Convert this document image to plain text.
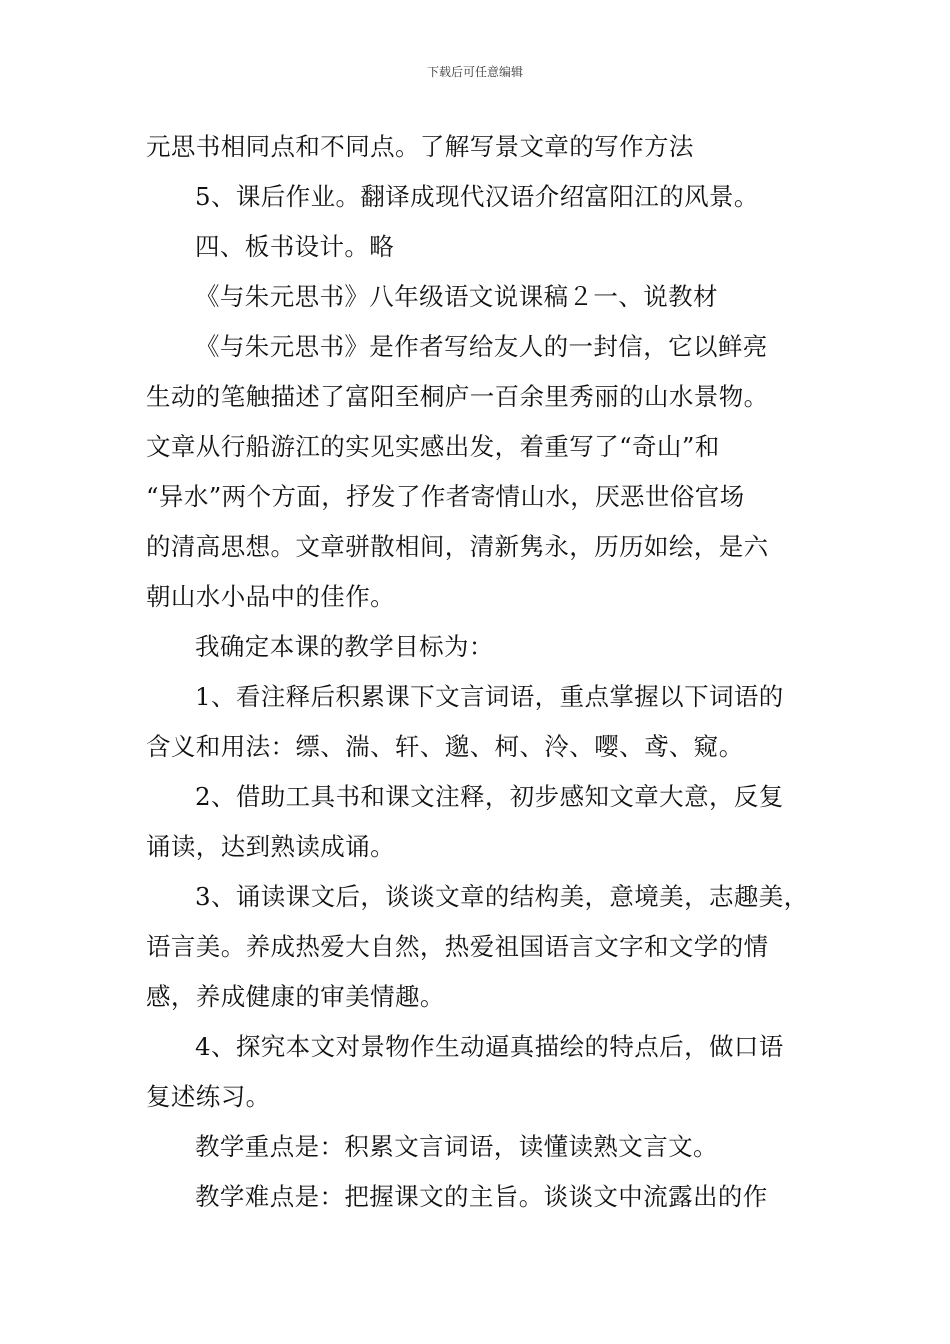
下载后可任意编辑
元思书相同点和不同点。了解写景文章的写作方法
5、课后作业。翻译成现代汉语介绍富阳江的风景。
四、板书设计。略
《与朱元思书》八年级语文说课稿２一、说教材
《与朱元思书》是作者写给友人的一封信，它以鲜亮
生动的笔触描述了富阳至桐庐一百余里秀丽的山水景物。
文章从行船游江的实见实感出发，着重写了“奇山”和
“异水”两个方面，抒发了作者寄情山水，厌恶世俗官场
的清高思想。文章骈散相间，清新隽永，历历如绘，是六
朝山水小品中的佳作。
我确定本课的教学目标为：
1、看注释后积累课下文言词语，重点掌握以下词语的
含义和用法：缥、湍、轩、邈、柯、泠、嘤、鸢、窥。
2、借助工具书和课文注释，初步感知文章大意，反复
诵读，达到熟读成诵。
3、诵读课文后，谈谈文章的结构美，意境美，志趣美，
语言美。养成热爱大自然，热爱祖国语言文字和文学的情
感，养成健康的审美情趣。
4、探究本文对景物作生动逼真描绘的特点后，做口语
复述练习。
教学重点是：积累文言词语，读懂读熟文言文。
教学难点是：把握课文的主旨。谈谈文中流露出的作
